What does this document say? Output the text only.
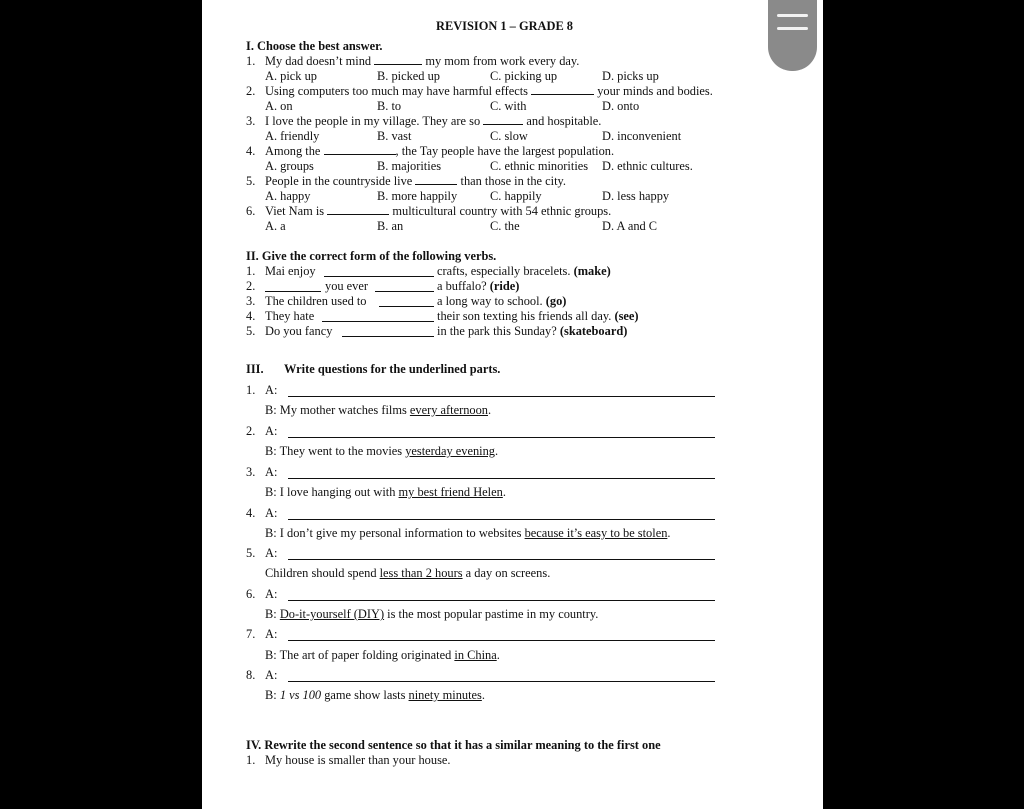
REVISION 1 – GRADE 8
I. Choose the best answer.
1. My dad doesn’t mind	my mom from work every day.
A. pick up	B. picked up	C. picking up	D. picks up
2. Using computers too much may have harmful effects	your minds and bodies.
A. on	B. to	C. with	D. onto
3. I love the people in my village. They are so	and hospitable.
A. friendly	B. vast	C. slow	D. inconvenient
4. Among the	, the Tay people have the largest population.
A. groups	B. majorities	C. ethnic minorities D. ethnic cultures.
5. People in the countryside live	than those in the city.
A. happy	B. more happily	C. happily	D. less happy
6. Viet Nam is	multicultural country with 54 ethnic groups.
A. a	B. an	C. the	D. A and C
II. Give the correct form of the following verbs.
1. Mai enjoy	crafts, especially bracelets. (make)
2.	you ever	a buffalo? (ride)
3. The children used to	a long way to school. (go)
4. They hate	their son texting his friends all day. (see)
5. Do you fancy	in the park this Sunday? (skateboard)
III. Write questions for the underlined parts.
1. A:
B: My mother watches films every afternoon.
2. A:
B: They went to the movies yesterday evening.
3. A:
B: I love hanging out with my best friend Helen.
4. A:
B: I don’t give my personal information to websites because it’s easy to be stolen.
5. A:
Children should spend less than 2 hours a day on screens.
6. A:
B: Do-it-yourself (DIY) is the most popular pastime in my country.
7. A:
B: The art of paper folding originated in China.
8. A:
B: 1 vs 100 game show lasts ninety minutes.
IV. Rewrite the second sentence so that it has a similar meaning to the first one
1. My house is smaller than your house.
